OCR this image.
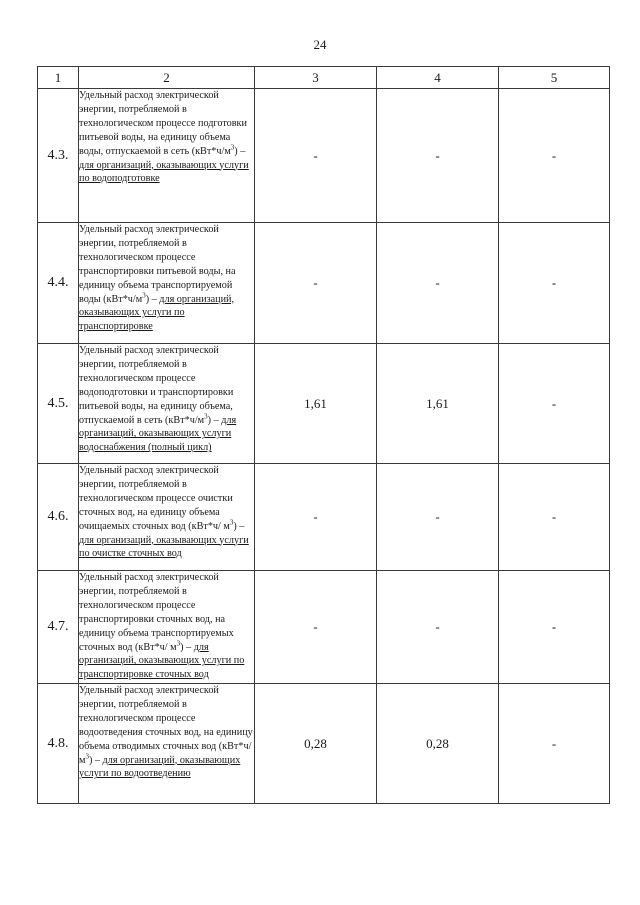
24
1	2	3	4	5
4.3.	Удельный расход электрической энергии, потребляемой в технологическом процессе подготовки питьевой воды, на единицу объема воды, отпускаемой в сеть $(кВт*ч/м^3)$ – для организаций, оказывающих услуги по водоподготовке	-	-	-
4.4.	Удельный расход электрической энергии, потребляемой в технологическом процессе транспортировки питьевой воды, на единицу объема транспортируемой воды $(кВт*ч/м^3)$ – для организаций, оказывающих услуги по транспортировке	-	-	-
4.5.	Удельный расход электрической энергии, потребляемой в технологическом процессе водоподготовки и транспортировки питьевой воды, на единицу объема, отпускаемой в сеть $(кВт*ч/м^3)$ – для организаций, оказывающих услуги водоснабжения (полный цикл)	1,61	1,61	-
4.6.	Удельный расход электрической энергии, потребляемой в технологическом процессе очистки сточных вод, на единицу объема очищаемых сточных вод (кВт*ч/ $м^3$) – для организаций, оказывающих услуги по очистке сточных вод	-	-	-
4.7.	Удельный расход электрической энергии, потребляемой в технологическом процессе транспортировки сточных вод, на единицу объема транспортируемых сточных вод (кВт*ч/ $м^3$) – для организаций, оказывающих услуги по транспортировке сточных вод	-	-	-
4.8.	Удельный расход электрической энергии, потребляемой в технологическом процессе водоотведения сточных вод, на единицу объема отводимых сточных вод (кВт*ч/ $м^3$) – для организаций, оказывающих услуги по водоотведению	0,28	0,28	-
